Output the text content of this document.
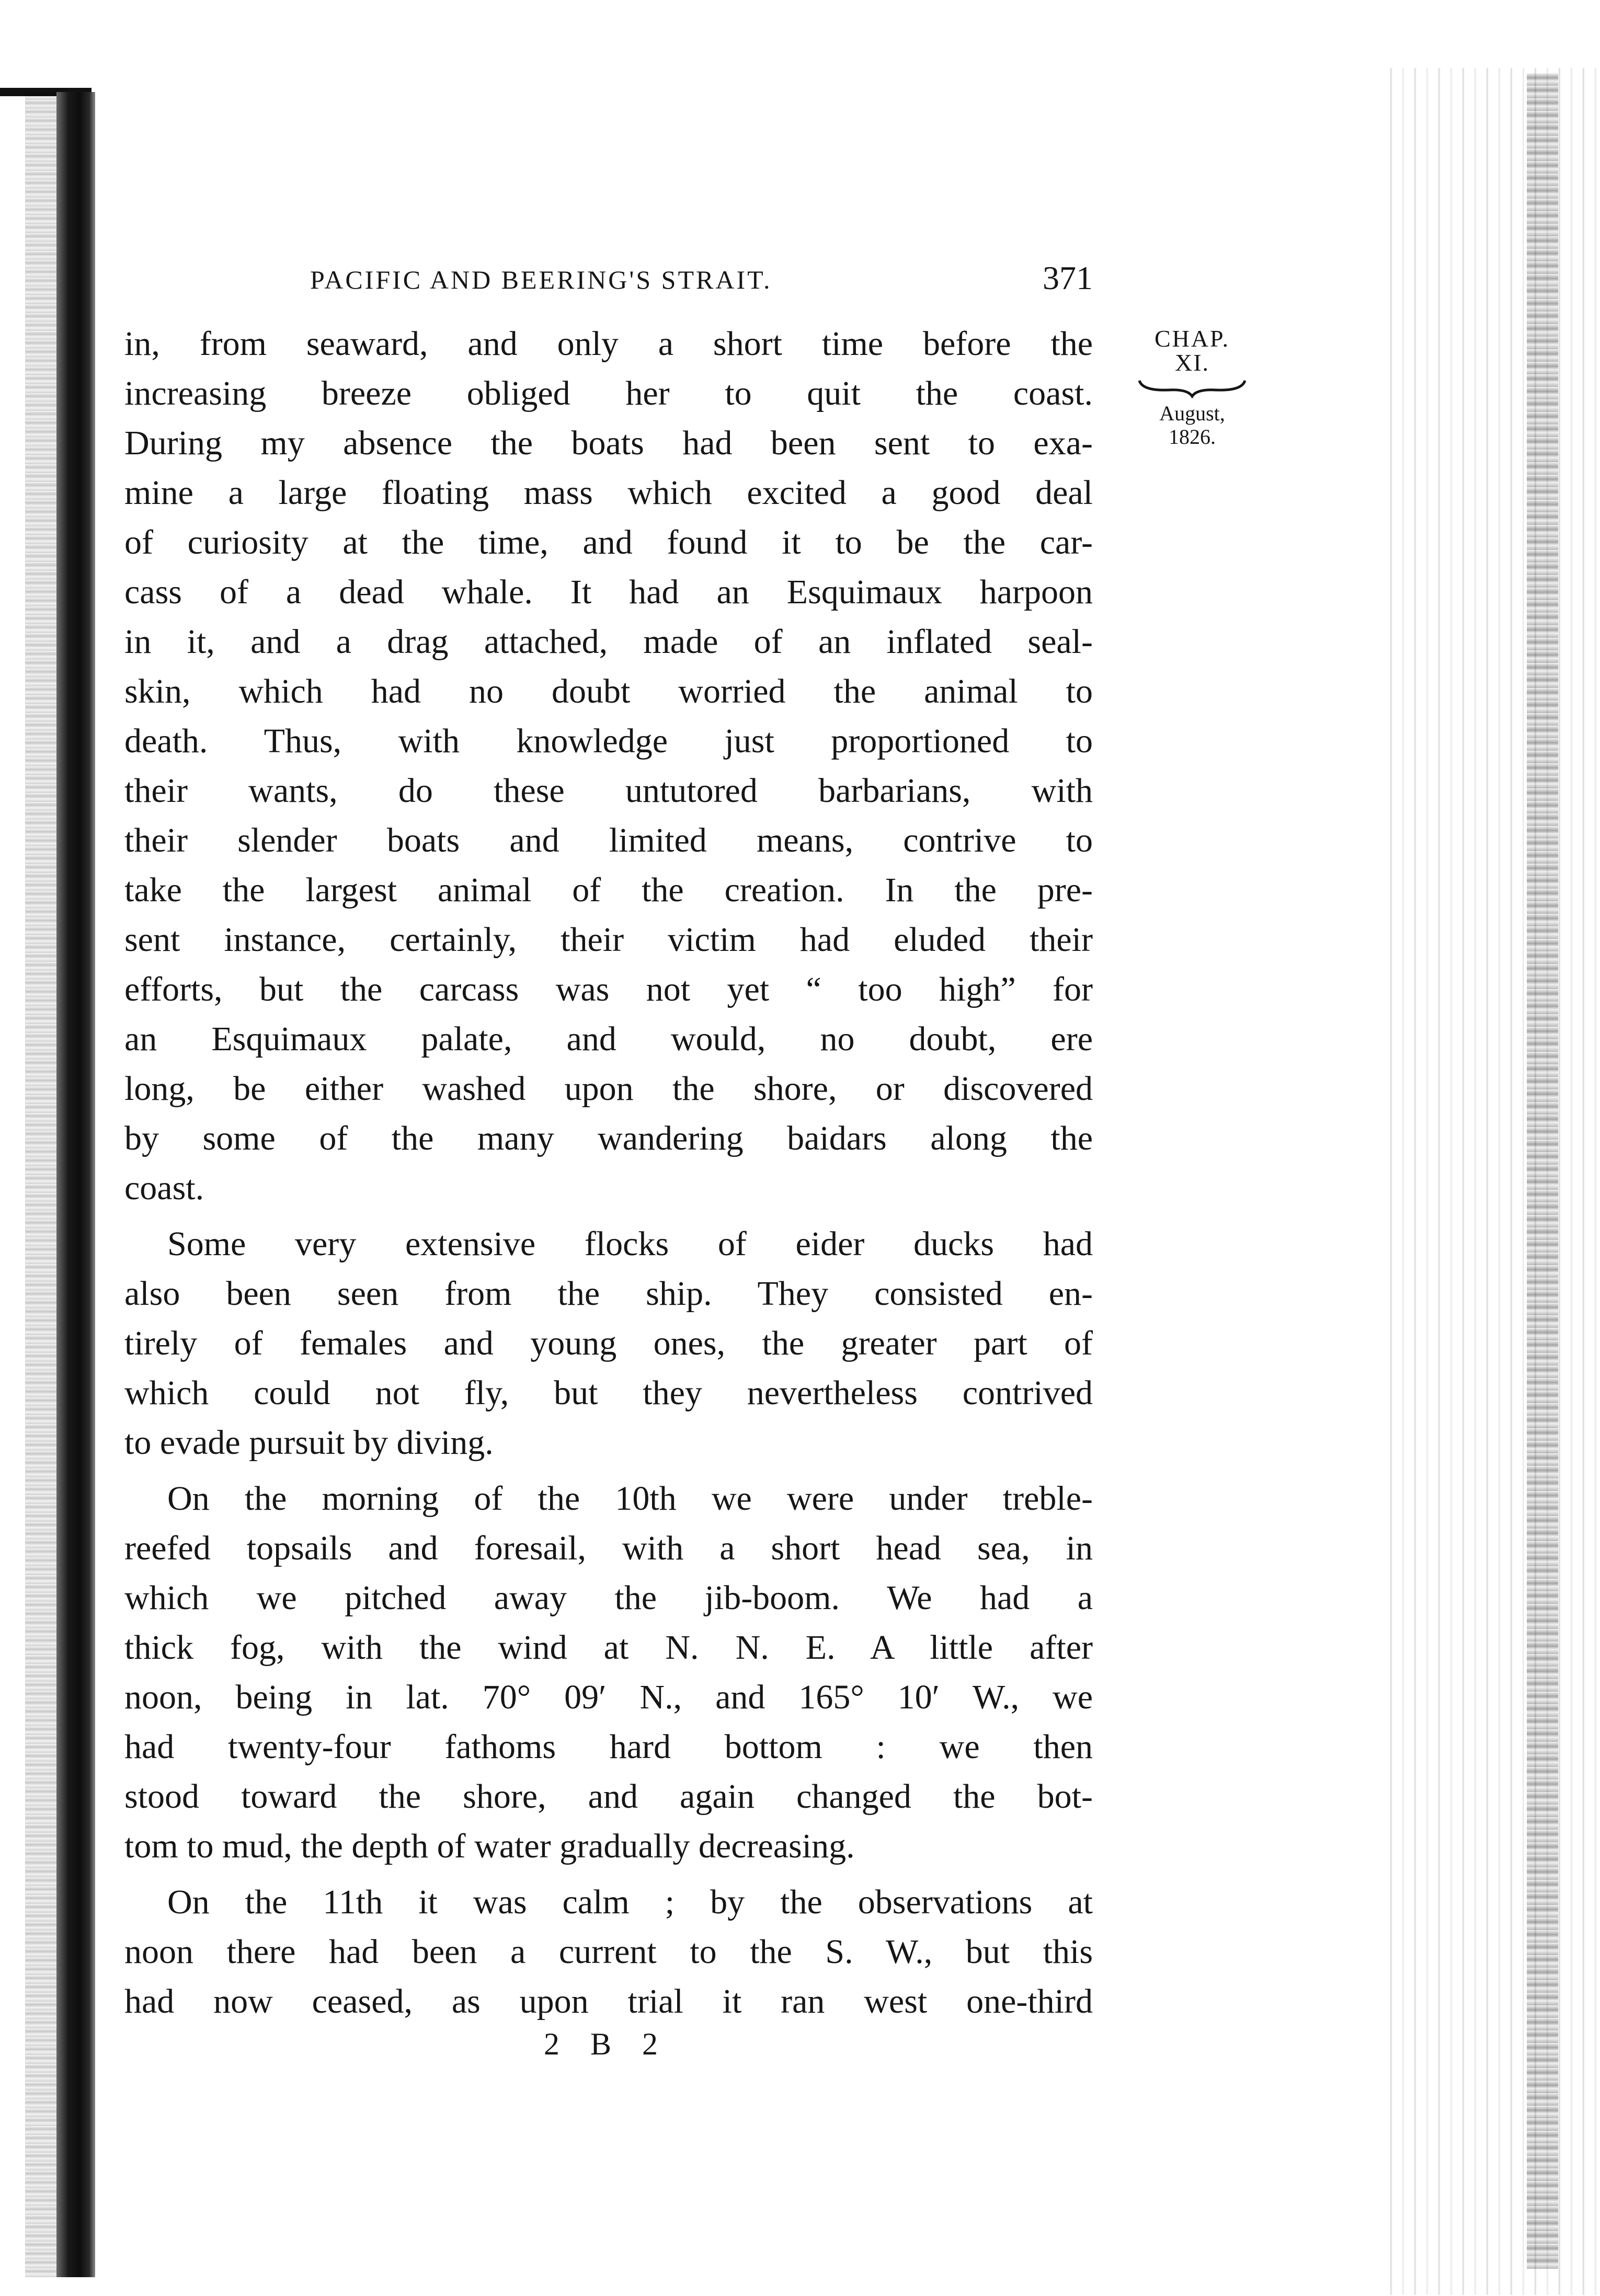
PACIFIC AND BEERING'S STRAIT.	371
CHAP.
XI.
August,
1826.
in, from seaward, and only a short time before the
increasing breeze obliged her to quit the coast.
During my absence the boats had been sent to exa-
mine a large floating mass which excited a good deal
of curiosity at the time, and found it to be the car-
cass of a dead whale. It had an Esquimaux harpoon
in it, and a drag attached, made of an inflated seal-
skin, which had no doubt worried the animal to
death. Thus, with knowledge just proportioned to
their wants, do these untutored barbarians, with
their slender boats and limited means, contrive to
take the largest animal of the creation. In the pre-
sent instance, certainly, their victim had eluded their
efforts, but the carcass was not yet “ too high” for
an Esquimaux palate, and would, no doubt, ere
long, be either washed upon the shore, or discovered
by some of the many wandering baidars along the
coast.
Some very extensive flocks of eider ducks had
also been seen from the ship. They consisted en-
tirely of females and young ones, the greater part of
which could not fly, but they nevertheless contrived
to evade pursuit by diving.
On the morning of the 10th we were under treble-
reefed topsails and foresail, with a short head sea, in
which we pitched away the jib-boom. We had a
thick fog, with the wind at N. N. E. A little after
noon, being in lat. 70° 09′ N., and 165° 10′ W., we
had twenty-four fathoms hard bottom : we then
stood toward the shore, and again changed the bot-
tom to mud, the depth of water gradually decreasing.
On the 11th it was calm ; by the observations at
noon there had been a current to the S. W., but this
had now ceased, as upon trial it ran west one-third
2 B 2
